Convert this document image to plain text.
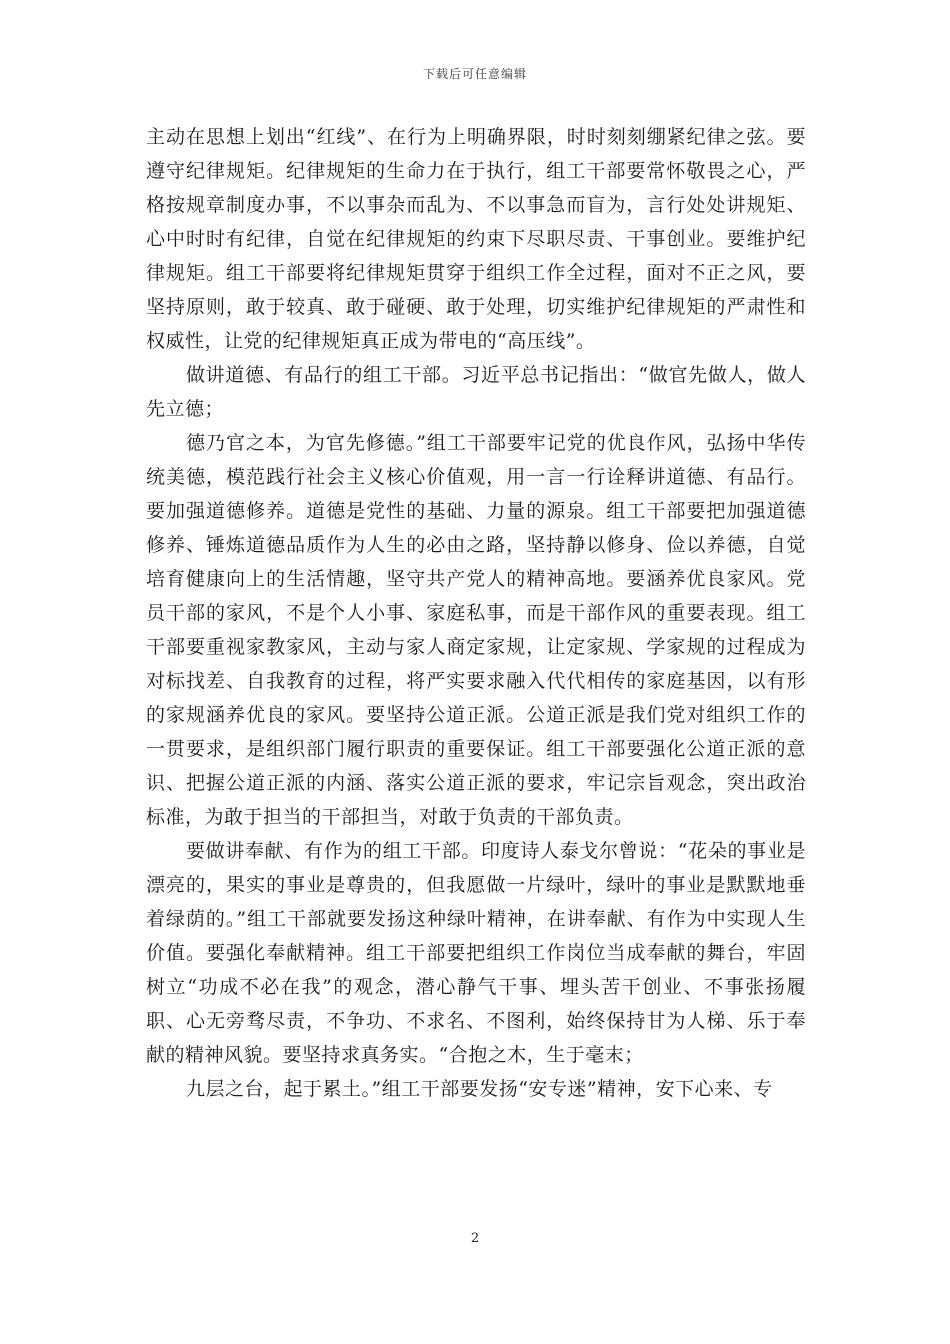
下载后可任意编辑

主动在思想上划出“红线”、在行为上明确界限，时时刻刻绷紧纪律之弦。要遵守纪律规矩。纪律规矩的生命力在于执行，组工干部要常怀敬畏之心，严格按规章制度办事，不以事杂而乱为、不以事急而盲为，言行处处讲规矩、心中时时有纪律，自觉在纪律规矩的约束下尽职尽责、干事创业。要维护纪律规矩。组工干部要将纪律规矩贯穿于组织工作全过程，面对不正之风，要坚持原则，敢于较真、敢于碰硬、敢于处理，切实维护纪律规矩的严肃性和权威性，让党的纪律规矩真正成为带电的“高压线”。

做讲道德、有品行的组工干部。习近平总书记指出：“做官先做人，做人先立德；

德乃官之本，为官先修德。”组工干部要牢记党的优良作风，弘扬中华传统美德，模范践行社会主义核心价值观，用一言一行诠释讲道德、有品行。要加强道德修养。道德是党性的基础、力量的源泉。组工干部要把加强道德修养、锤炼道德品质作为人生的必由之路，坚持静以修身、俭以养德，自觉培育健康向上的生活情趣，坚守共产党人的精神高地。要涵养优良家风。党员干部的家风，不是个人小事、家庭私事，而是干部作风的重要表现。组工干部要重视家教家风，主动与家人商定家规，让定家规、学家规的过程成为对标找差、自我教育的过程，将严实要求融入代代相传的家庭基因，以有形的家规涵养优良的家风。要坚持公道正派。公道正派是我们党对组织工作的一贯要求，是组织部门履行职责的重要保证。组工干部要强化公道正派的意识、把握公道正派的内涵、落实公道正派的要求，牢记宗旨观念，突出政治标准，为敢于担当的干部担当，对敢于负责的干部负责。

要做讲奉献、有作为的组工干部。印度诗人泰戈尔曾说：“花朵的事业是漂亮的，果实的事业是尊贵的，但我愿做一片绿叶，绿叶的事业是默默地垂着绿荫的。”组工干部就要发扬这种绿叶精神，在讲奉献、有作为中实现人生价值。要强化奉献精神。组工干部要把组织工作岗位当成奉献的舞台，牢固树立“功成不必在我”的观念，潜心静气干事、埋头苦干创业、不事张扬履职、心无旁骛尽责，不争功、不求名、不图利，始终保持甘为人梯、乐于奉献的精神风貌。要坚持求真务实。“合抱之木，生于毫末；

九层之台，起于累土。”组工干部要发扬“安专迷”精神，安下心来、专

2
